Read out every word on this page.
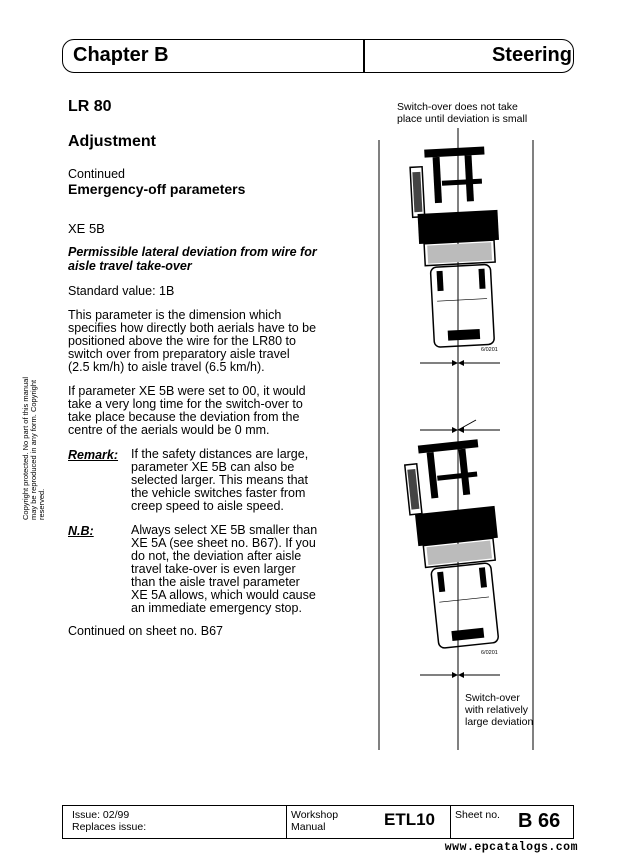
Chapter B	Steering
LR 80
Adjustment
Continued
Emergency-off parameters
XE 5B
Permissible lateral deviation from wire for
aisle travel take-over
Standard value: 1B
This parameter is the dimension which
specifies how directly both aerials have to be
positioned above the wire for the LR80 to
switch over from preparatory aisle travel
(2.5 km/h) to aisle travel (6.5 km/h).
If parameter XE 5B were set to 00, it would
take a very long time for the switch-over to
take place because the deviation from the
centre of the aerials would be 0 mm.
Remark: If the safety distances are large,
parameter XE 5B can also be
selected larger. This means that
the vehicle switches faster from
creep speed to aisle speed.
N.B:	Always select XE 5B smaller than
XE 5A (see sheet no. B67). If you
do not, the deviation after aisle
travel take-over is even larger
than the aisle travel parameter
XE 5A allows, which would cause
an immediate emergency stop.
Continued on sheet no. B67
Copyright protected. No part of this manual may be reproduced in any form. Copyright reserved.
Switch-over does not take
place until deviation is small
Switch-over
with relatively
large deviation
6/0201
6/0201
Issue: 02/99
Replaces issue:
Workshop
Manual	ETL10 Sheet no. B 66
www.epcatalogs.com
